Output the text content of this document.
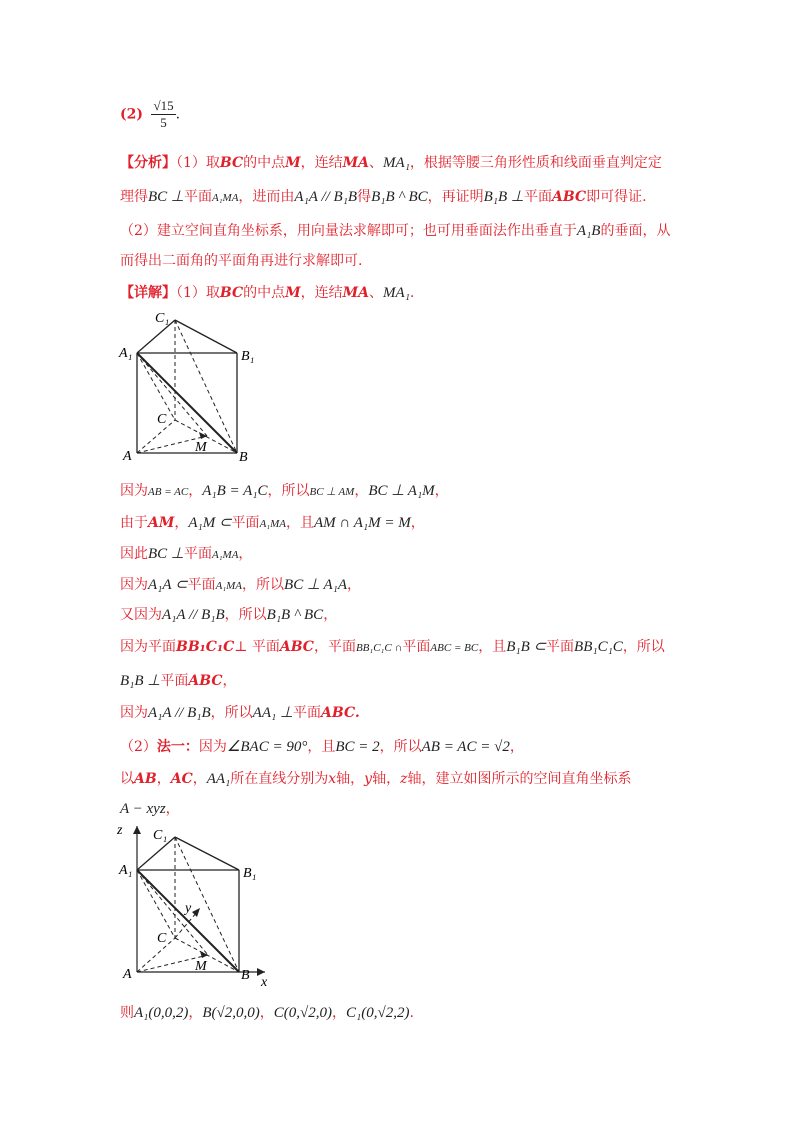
$(2) \frac{√15}{5}$ .
【分析】（1）取BC的中点M，连结MA、MA₁，根据等腰三角形性质和线面垂直判定定
理得BC ⊥平面A₁MA，进而由A₁A // B₁B得B₁B ^ BC，再证明B₁B ⊥平面ABC即可得证.
（2）建立空间直角坐标系，用向量法求解即可；也可用垂面法作出垂直于A₁B的垂面，从
而得出二面角的平面角再进行求解即可.
【详解】（1）取BC的中点M，连结MA、MA₁.
C₁
A₁	B₁
C
M
A	B
因为AB = AC，A₁B = A₁C，所以BC ⊥ AM，BC ⊥ A₁M，
由于AM，A₁M ⊂平面A₁MA，且AM ∩ A₁M = M，
因此BC ⊥平面A₁MA，
因为A₁A ⊂平面A₁MA，所以BC ⊥ A₁A，
又因为A₁A // B₁B，所以B₁B ^ BC，
因为平面BB₁C₁C⊥ 平面ABC，平面BB₁C₁C ∩平面ABC = BC，且B₁B ⊂平面BB₁C₁C，所以
B₁B ⊥平面ABC，
因为A₁A // B₁B，所以AA₁ ⊥平面ABC.
（2）法一：因为∠BAC = 90°，且BC = 2，所以AB = AC = √2，
以AB，AC，AA₁所在直线分别为x轴，y轴，z轴，建立如图所示的空间直角坐标系
A − xyz，
z C₁
A₁	B₁
y
C
M
A	B x
则A₁(0,0,2)，B(√2,0,0)，C(0,√2,0)，C₁(0,√2,2).
